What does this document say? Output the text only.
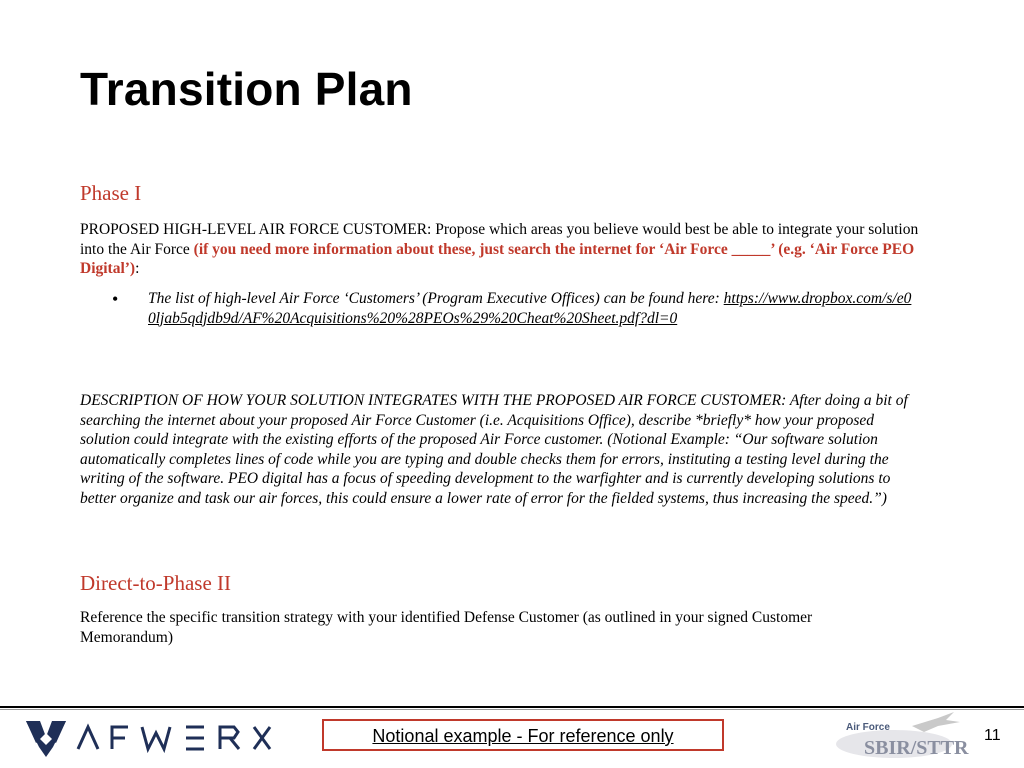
Transition Plan
Phase I
PROPOSED HIGH-LEVEL AIR FORCE CUSTOMER: Propose which areas you believe would best be able to integrate your solution into the Air Force (if you need more information about these, just search the internet for ‘Air Force _____’ (e.g. ‘Air Force PEO Digital’):
• The list of high-level Air Force ‘Customers’ (Program Executive Offices) can be found here: https://www.dropbox.com/s/e00ljab5qdjdb9d/AF%20Acquisitions%20%28PEOs%29%20Cheat%20Sheet.pdf?dl=0
DESCRIPTION OF HOW YOUR SOLUTION INTEGRATES WITH THE PROPOSED AIR FORCE CUSTOMER: After doing a bit of searching the internet about your proposed Air Force Customer (i.e. Acquisitions Office), describe *briefly* how your proposed solution could integrate with the existing efforts of the proposed Air Force customer. (Notional Example: “Our software solution automatically completes lines of code while you are typing and double checks them for errors, instituting a testing level during the writing of the software. PEO digital has a focus of speeding development to the warfighter and is currently developing solutions to better organize and task our air forces, this could ensure a lower rate of error for the fielded systems, thus increasing the speed.”)
Direct-to-Phase II
Reference the specific transition strategy with your identified Defense Customer (as outlined in your signed Customer Memorandum)
Notional example - For reference only	Air Force
SBIR/STTR
11
